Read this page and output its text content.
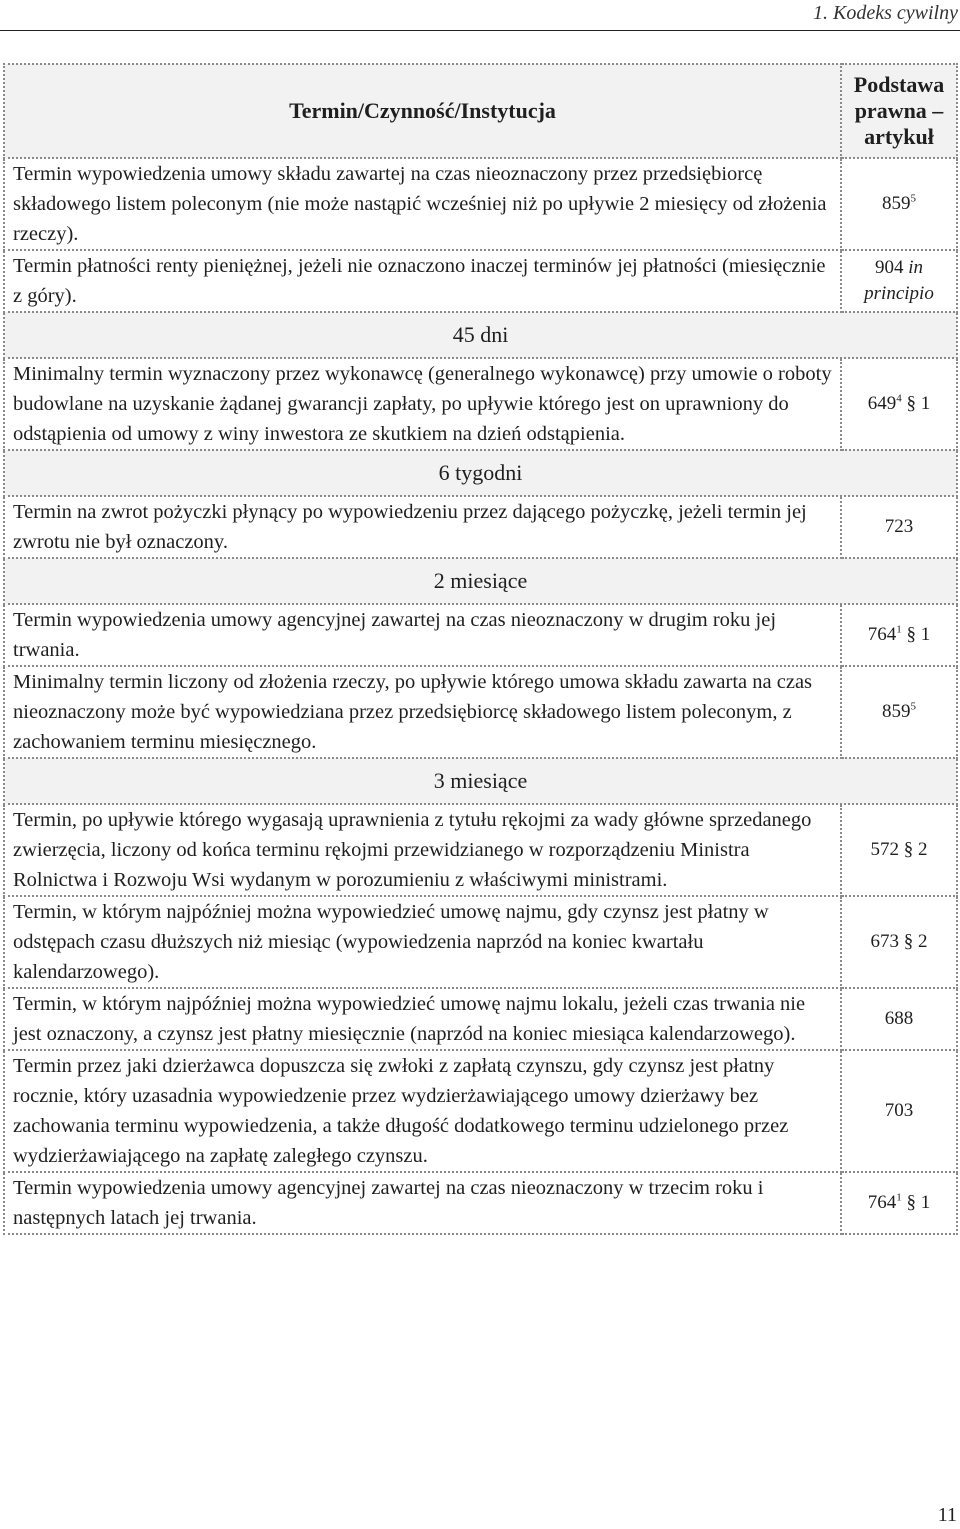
1. Kodeks cywilny
Termin/Czynność/Instytucja	Podstawa prawna – artykuł
Termin wypowiedzenia umowy składu zawartej na czas nieoznaczony przez przedsiębiorcę składowego listem poleconym (nie może nastąpić wcześniej niż po upływie 2 miesięcy od złożenia rzeczy).	$859^5$
Termin płatności renty pieniężnej, jeżeli nie oznaczono inaczej terminów jej płatności (miesięcznie z góry).	904 in principio
45 dni	
Minimalny termin wyznaczony przez wykonawcę (generalnego wykonawcę) przy umowie o roboty budowlane na uzyskanie żądanej gwarancji zapłaty, po upływie którego jest on uprawniony do odstąpienia od umowy z winy inwestora ze skutkiem na dzień odstąpienia.	$649^4$ § 1
6 tygodni	
Termin na zwrot pożyczki płynący po wypowiedzeniu przez dającego pożyczkę, jeżeli termin jej zwrotu nie był oznaczony.	723
2 miesiące	
Termin wypowiedzenia umowy agencyjnej zawartej na czas nieoznaczony w drugim roku jej trwania.	$764^1$ § 1
Minimalny termin liczony od złożenia rzeczy, po upływie którego umowa składu zawarta na czas nieoznaczony może być wypowiedziana przez przedsiębiorcę składowego listem poleconym, z zachowaniem terminu miesięcznego.	$859^5$
3 miesiące	
Termin, po upływie którego wygasają uprawnienia z tytułu rękojmi za wady główne sprzedanego zwierzęcia, liczony od końca terminu rękojmi przewidzianego w rozporządzeniu Ministra Rolnictwa i Rozwoju Wsi wydanym w porozumieniu z właściwymi ministrami.	572 § 2
Termin, w którym najpóźniej można wypowiedzieć umowę najmu, gdy czynsz jest płatny w odstępach czasu dłuższych niż miesiąc (wypowiedzenia naprzód na koniec kwartału kalendarzowego).	673 § 2
Termin, w którym najpóźniej można wypowiedzieć umowę najmu lokalu, jeżeli czas trwania nie jest oznaczony, a czynsz jest płatny miesięcznie (naprzód na koniec miesiąca kalendarzowego).	688
Termin przez jaki dzierżawca dopuszcza się zwłoki z zapłatą czynszu, gdy czynsz jest płatny rocznie, który uzasadnia wypowiedzenie przez wydzierżawiającego umowy dzierżawy bez zachowania terminu wypowiedzenia, a także długość dodatkowego terminu udzielonego przez wydzierżawiającego na zapłatę zaległego czynszu.	703
Termin wypowiedzenia umowy agencyjnej zawartej na czas nieoznaczony w trzecim roku i następnych latach jej trwania.	$764^1$ § 1
11
